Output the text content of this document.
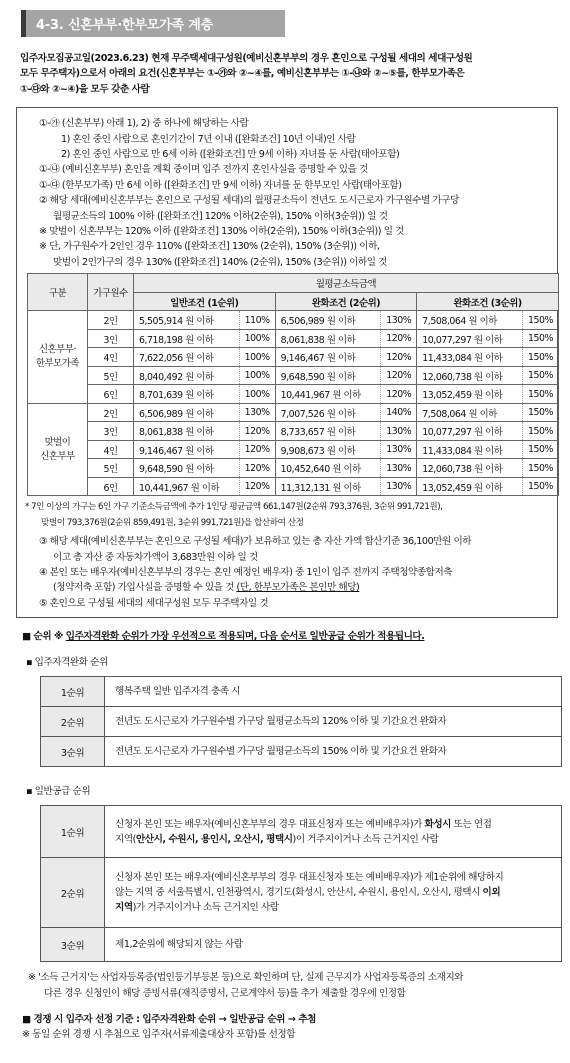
4-3. 신혼부부·한부모가족 계층
입주자모집공고일(2023.6.23) 현재 무주택세대구성원(예비신혼부부의 경우 혼인으로 구성될 세대의 세대구성원
모두 무주택자)으로서 아래의 요건(신혼부부는 ①-㉮와 ②~④를, 예비신혼부부는 ①-㉯와 ②~⑤를, 한부모가족은
①-㉰와 ②~④)을 모두 갖춘 사람
①-㉮ (신혼부부) 아래 1), 2) 중 하나에 해당하는 사람
1) 혼인 중인 사람으로 혼인기간이 7년 이내 ([완화조건] 10년 이내)인 사람
2) 혼인 중인 사람으로 만 6세 이하 ([완화조건] 만 9세 이하) 자녀를 둔 사람(태아포함)
①-㉯ (예비신혼부부) 혼인을 계획 중이며 입주 전까지 혼인사실을 증명할 수 있을 것
①-㉰ (한부모가족) 만 6세 이하 ([완화조건] 만 9세 이하) 자녀를 둔 한부모인 사람(태아포함)
② 해당 세대(예비신혼부부는 혼인으로 구성될 세대)의 월평균소득이 전년도 도시근로자 가구원수별 가구당
월평균소득의 100% 이하 ([완화조건] 120% 이하(2순위), 150% 이하(3순위)) 일 것
※ 맞벌이 신혼부부는 120% 이하 ([완화조건] 130% 이하(2순위), 150% 이하(3순위)) 일 것
※ 단, 가구원수가 2인인 경우 110% ([완화조건] 130% (2순위), 150% (3순위)) 이하,
맞벌이 2인가구의 경우 130% ([완화조건] 140% (2순위), 150% (3순위)) 이하일 것
구분	가구원수	월평균소득금액					
		일반조건 (1순위)		완화조건 (2순위)		완화조건 (3순위)	
신혼부부·
한부모가족	2인	5,505,914 원 이하	110%	6,506,989 원 이하	130%	7,508,064 원 이하	150%
	3인	6,718,198 원 이하	100%	8,061,838 원 이하	120%	10,077,297 원 이하	150%
	4인	7,622,056 원 이하	100%	9,146,467 원 이하	120%	11,433,084 원 이하	150%
	5인	8,040,492 원 이하	100%	9,648,590 원 이하	120%	12,060,738 원 이하	150%
	6인	8,701,639 원 이하	100%	10,441,967 원 이하	120%	13,052,459 원 이하	150%
맞벌이
신혼부부	2인	6,506,989 원 이하	130%	7,007,526 원 이하	140%	7,508,064 원 이하	150%
	3인	8,061,838 원 이하	120%	8,733,657 원 이하	130%	10,077,297 원 이하	150%
	4인	9,146,467 원 이하	120%	9,908,673 원 이하	130%	11,433,084 원 이하	150%
	5인	9,648,590 원 이하	120%	10,452,640 원 이하	130%	12,060,738 원 이하	150%
	6인	10,441,967 원 이하	120%	11,312,131 원 이하	130%	13,052,459 원 이하	150%
* 7인 이상의 가구는 6인 가구 기준소득금액에 추가 1인당 평균금액 661,147원(2순위 793,376원, 3순위 991,721원),
맞벌이 793,376원(2순위 859,491원, 3순위 991,721원)을 합산하여 산정
③ 해당 세대(예비신혼부부는 혼인으로 구성될 세대)가 보유하고 있는 총 자산 가액 합산기준 36,100만원 이하
이고 총 자산 중 자동차가액이 3,683만원 이하 일 것
④ 본인 또는 배우자(예비신혼부부의 경우는 혼인 예정인 배우자) 중 1인이 입주 전까지 주택청약종합저축
(청약저축 포함) 가입사실을 증명할 수 있을 것 (단, 한부모가족은 본인만 해당)
⑤ 혼인으로 구성될 세대의 세대구성원 모두 무주택자일 것
■ 순위 ※ 입주자격완화 순위가 가장 우선적으로 적용되며, 다음 순서로 일반공급 순위가 적용됩니다.
▪ 입주자격완화 순위
1순위	행복주택 일반 입주자격 충족 시
2순위	전년도 도시근로자 가구원수별 가구당 월평균소득의 120% 이하 및 기간요건 완화자
3순위	전년도 도시근로자 가구원수별 가구당 월평균소득의 150% 이하 및 기간요건 완화자
▪ 일반공급 순위
1순위	신청자 본인 또는 배우자(예비신혼부부의 경우 대표신청자 또는 예비배우자)가 화성시 또는 연접
지역(안산시, 수원시, 용인시, 오산시, 평택시)이 거주지이거나 소득 근거지인 사람
2순위	신청자 본인 또는 배우자(예비신혼부부의 경우 대표신청자 또는 예비배우자)가 제1순위에 해당하지
않는 지역 중 서울특별시, 인천광역시, 경기도(화성시, 안산시, 수원시, 용인시, 오산시, 평택시 이외
지역)가 거주지이거나 소득 근거지인 사람
3순위	제1,2순위에 해당되지 않는 사람
※ '소득 근거지'는 사업자등록증(법인등기부등본 등)으로 확인하며 단, 실제 근무지가 사업자등록증의 소재지와
다른 경우 신청인이 해당 증빙서류(재직증명서, 근로계약서 등)를 추가 제출할 경우에 인정함
■ 경쟁 시 입주자 선정 기준 : 입주자격완화 순위 → 일반공급 순위 → 추첨
※ 동일 순위 경쟁 시 추첨으로 입주자(서류제출대상자 포함)를 선정함
